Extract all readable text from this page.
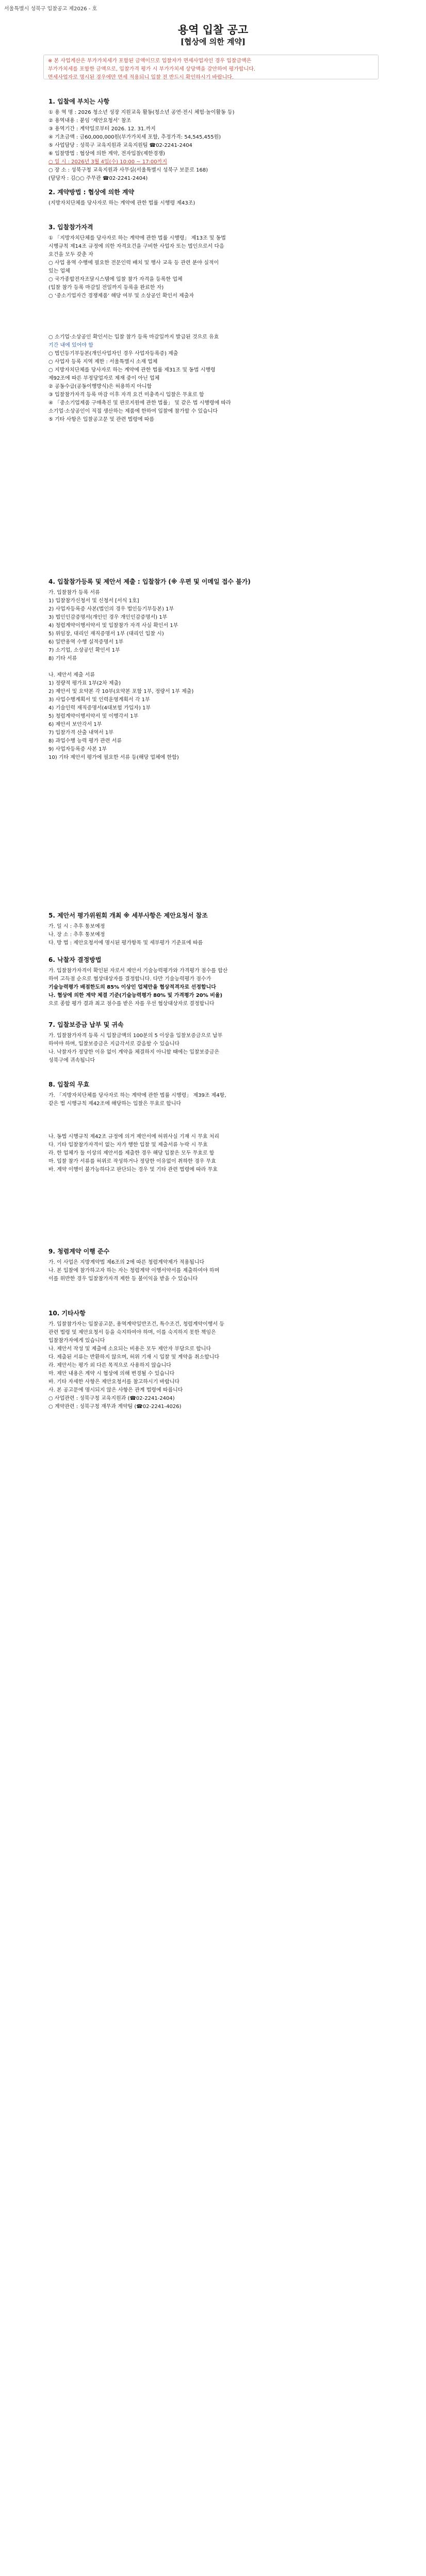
서울특별시 성북구 입찰공고 제2026 - 호
용역 입찰 공고
[협상에 의한 계약]
※ 본 사업계산은 부가가치세가 포함된 금액이므로 입찰자가 면세사업자인 경우 입찰금액은
부가가치세를 포함한 금액으로, 입찰가격 평가 시 부가가치세 상당액을 감안하여 평가합니다.
면세사업자로 명시된 경우에만 면세 적용되니 입찰 전 반드시 확인하시기 바랍니다.
1. 입찰에 부치는 사항
① 용 역 명 : 2026 청소년 성장 지원교육 활동(청소년 공연·전시 체험·놀이활동 등)
② 용역내용 : 붙임 ‘제안요청서’ 참조
③ 용역기간 : 계약일로부터 2026. 12. 31.까지
④ 기초금액 : 금60,000,000원(부가가치세 포함, 추정가격: 54,545,455원)
⑤ 사업담당 : 성북구 교육지원과 교육지원팀 ☎02-2241-2404
⑥ 입찰방법 : 협상에 의한 계약, 전자입찰(제한경쟁)
○ 일 시 : 2026년 3월 4일(수) 10:00 ~ 17:00까지
○ 장 소 : 성북구청 교육지원과 사무실(서울특별시 성북구 보문로 168)
(담당자 : 김○○ 주무관 ☎02-2241-2404)
2. 계약방법 : 협상에 의한 계약
(지방자치단체를 당사자로 하는 계약에 관한 법률 시행령 제43조)
3. 입찰참가자격
① 「지방자치단체를 당사자로 하는 계약에 관한 법률 시행령」 제13조 및 동법
시행규칙 제14조 규정에 의한 자격요건을 구비한 사업자 또는 법인으로서 다음
요건을 모두 갖춘 자
○ 사업 용역 수행에 필요한 전문인력 배치 및 행사 교육 등 관련 분야 실적이
있는 업체
○ 국가종합전자조달시스템에 입찰 참가 자격을 등록한 업체
(입찰 참가 등록 마감일 전일까지 등록을 완료한 자)
○ ‘중소기업자간 경쟁제품’ 해당 여부 및 소상공인 확인서 제출자
○ 소기업·소상공인 확인서는 입찰 참가 등록 마감일까지 발급된 것으로 유효
기간 내에 있어야 함
○ 법인등기부등본(개인사업자인 경우 사업자등록증) 제출
○ 사업자 등록 지역 제한 : 서울특별시 소재 업체
○ 지방자치단체를 당사자로 하는 계약에 관한 법률 제31조 및 동법 시행령
제92조에 따른 부정당업자로 제재 중이 아닌 업체
② 공동수급(공동이행방식)은 허용하지 아니함
③ 입찰참가자격 등록 마감 이후 자격 요건 미충족시 입찰은 무효로 함
④ 「중소기업제품 구매촉진 및 판로지원에 관한 법률」 및 같은 법 시행령에 따라
소기업·소상공인이 직접 생산하는 제품에 한하여 입찰에 참가할 수 있습니다
⑤ 기타 사항은 입찰공고문 및 관련 법령에 따름
4. 입찰참가등록 및 제안서 제출 : 입찰참가 (※ 우편 및 이메일 접수 불가)
가. 입찰참가 등록 서류
1) 입찰참가신청서 및 신청서 [서식 1호]
2) 사업자등록증 사본(법인의 경우 법인등기부등본) 1부
3) 법인인감증명서(개인인 경우 개인인감증명서) 1부
4) 청렴계약이행서약서 및 입찰참가 자격 사실 확인서 1부
5) 위임장, 대리인 재직증명서 1부 (대리인 입찰 시)
6) 일반용역 수행 실적증명서 1부
7) 소기업, 소상공인 확인서 1부
8) 기타 서류
나. 제안서 제출 서류
1) 정량적 평가표 1부(2차 제출)
2) 제안서 및 요약본 각 10부(요약본 포함 1부, 정량서 1부 제출)
3) 사업수행계획서 및 인력운영계획서 각 1부
4) 기술인력 재직증명서(4대보험 가입자) 1부
5) 청렴계약이행서약서 및 이행각서 1부
6) 제안서 보안각서 1부
7) 입찰가격 산출 내역서 1부
8) 과업수행 능력 평가 관련 서류
9) 사업자등록증 사본 1부
10) 기타 제안서 평가에 필요한 서류 등(해당 업체에 한함)
5. 제안서 평가위원회 개최 ※ 세부사항은 제안요청서 참조
가. 일 시 : 추후 통보예정
나. 장 소 : 추후 통보예정
다. 방 법 : 제안요청서에 명시된 평가항목 및 세부평가 기준표에 따름
6. 낙찰자 결정방법
가. 입찰참가자격이 확인된 자로서 제안서 기술능력평가와 가격평가 점수를 합산
하여 고득점 순으로 협상대상자를 결정합니다. 다만 기술능력평가 점수가
기술능력평가 배점한도의 85% 이상인 업체만을 협상적격자로 선정합니다
나. 협상에 의한 계약 체결 기준(기술능력평가 80% 및 가격평가 20% 비율)
으로 종합 평가 결과 최고 점수를 받은 자를 우선 협상대상자로 결정합니다
7. 입찰보증금 납부 및 귀속
가. 입찰참가자격 등록 시 입찰금액의 100분의 5 이상을 입찰보증금으로 납부
하여야 하며, 입찰보증금은 지급각서로 갈음할 수 있습니다
나. 낙찰자가 정당한 이유 없이 계약을 체결하지 아니할 때에는 입찰보증금은
성북구에 귀속됩니다
8. 입찰의 무효
가. 「지방자치단체를 당사자로 하는 계약에 관한 법률 시행령」 제39조 제4항,
같은 법 시행규칙 제42조에 해당하는 입찰은 무효로 합니다
나. 동법 시행규칙 제42조 규정에 의거 제안서에 허위사실 기재 시 무효 처리
다. 기타 입찰참가자격이 없는 자가 행한 입찰 및 제출서류 누락 시 무효
라. 한 업체가 둘 이상의 제안서를 제출한 경우 해당 입찰은 모두 무효로 함
마. 입찰 참가 서류를 허위로 작성하거나 정당한 이유없이 취하한 경우 무효
바. 계약 이행이 불가능하다고 판단되는 경우 및 기타 관련 법령에 따라 무효
9. 청렴계약 이행 준수
가. 이 사업은 지방계약법 제6조의 2에 따른 청렴계약제가 적용됩니다
나. 본 입찰에 참가하고자 하는 자는 청렴계약 이행서약서를 제출하여야 하며
이를 위반한 경우 입찰참가자격 제한 등 불이익을 받을 수 있습니다
10. 기타사항
가. 입찰참가자는 입찰공고문, 용역계약일반조건, 특수조건, 청렴계약이행서 등
관련 법령 및 제안요청서 등을 숙지하여야 하며, 이를 숙지하지 못한 책임은
입찰참가자에게 있습니다
나. 제안서 작성 및 제출에 소요되는 비용은 모두 제안자 부담으로 합니다
다. 제출된 서류는 반환하지 않으며, 허위 기재 시 입찰 및 계약을 취소합니다
라. 제안서는 평가 외 다른 목적으로 사용하지 않습니다
마. 제안 내용은 계약 시 협상에 의해 변경될 수 있습니다
바. 기타 자세한 사항은 제안요청서를 참고하시기 바랍니다
사. 본 공고문에 명시되지 않은 사항은 관계 법령에 따릅니다
○ 사업관련 : 성북구청 교육지원과 (☎02-2241-2404)
○ 계약관련 : 성북구청 재무과 계약팀 (☎02-2241-4026)
